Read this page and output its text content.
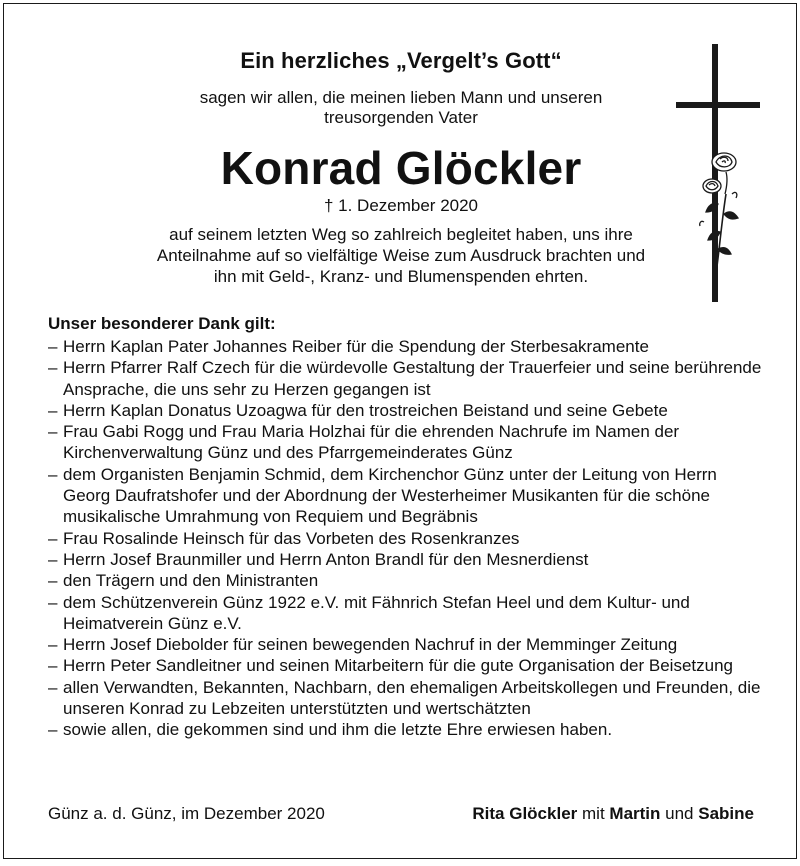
Ein herzliches „Vergelt’s Gott“
sagen wir allen, die meinen lieben Mann und unseren
treusorgenden Vater
Konrad Glöckler
† 1. Dezember 2020
auf seinem letzten Weg so zahlreich begleitet haben, uns ihre
Anteilnahme auf so vielfältige Weise zum Ausdruck brachten und
ihn mit Geld-, Kranz- und Blumenspenden ehrten.
Unser besonderer Dank gilt:
– Herrn Kaplan Pater Johannes Reiber für die Spendung der Sterbesakramente
– Herrn Pfarrer Ralf Czech für die würdevolle Gestaltung der Trauerfeier und seine berührende Ansprache, die uns sehr zu Herzen gegangen ist
– Herrn Kaplan Donatus Uzoagwa für den trostreichen Beistand und seine Gebete
– Frau Gabi Rogg und Frau Maria Holzhai für die ehrenden Nachrufe im Namen der Kirchenverwaltung Günz und des Pfarrgemeinderates Günz
– dem Organisten Benjamin Schmid, dem Kirchenchor Günz unter der Leitung von Herrn Georg Daufratshofer und der Abordnung der Westerheimer Musikanten für die schöne musikalische Umrahmung von Requiem und Begräbnis
– Frau Rosalinde Heinsch für das Vorbeten des Rosenkranzes
– Herrn Josef Braunmiller und Herrn Anton Brandl für den Mesnerdienst
– den Trägern und den Ministranten
– dem Schützenverein Günz 1922 e.V. mit Fähnrich Stefan Heel und dem Kultur- und Heimatverein Günz e.V.
– Herrn Josef Diebolder für seinen bewegenden Nachruf in der Memminger Zeitung
– Herrn Peter Sandleitner und seinen Mitarbeitern für die gute Organisation der Beisetzung
– allen Verwandten, Bekannten, Nachbarn, den ehemaligen Arbeitskollegen und Freunden, die unseren Konrad zu Lebzeiten unterstützten und wertschätzten
– sowie allen, die gekommen sind und ihm die letzte Ehre erwiesen haben.
Günz a. d. Günz, im Dezember 2020	Rita Glöckler mit Martin und Sabine
